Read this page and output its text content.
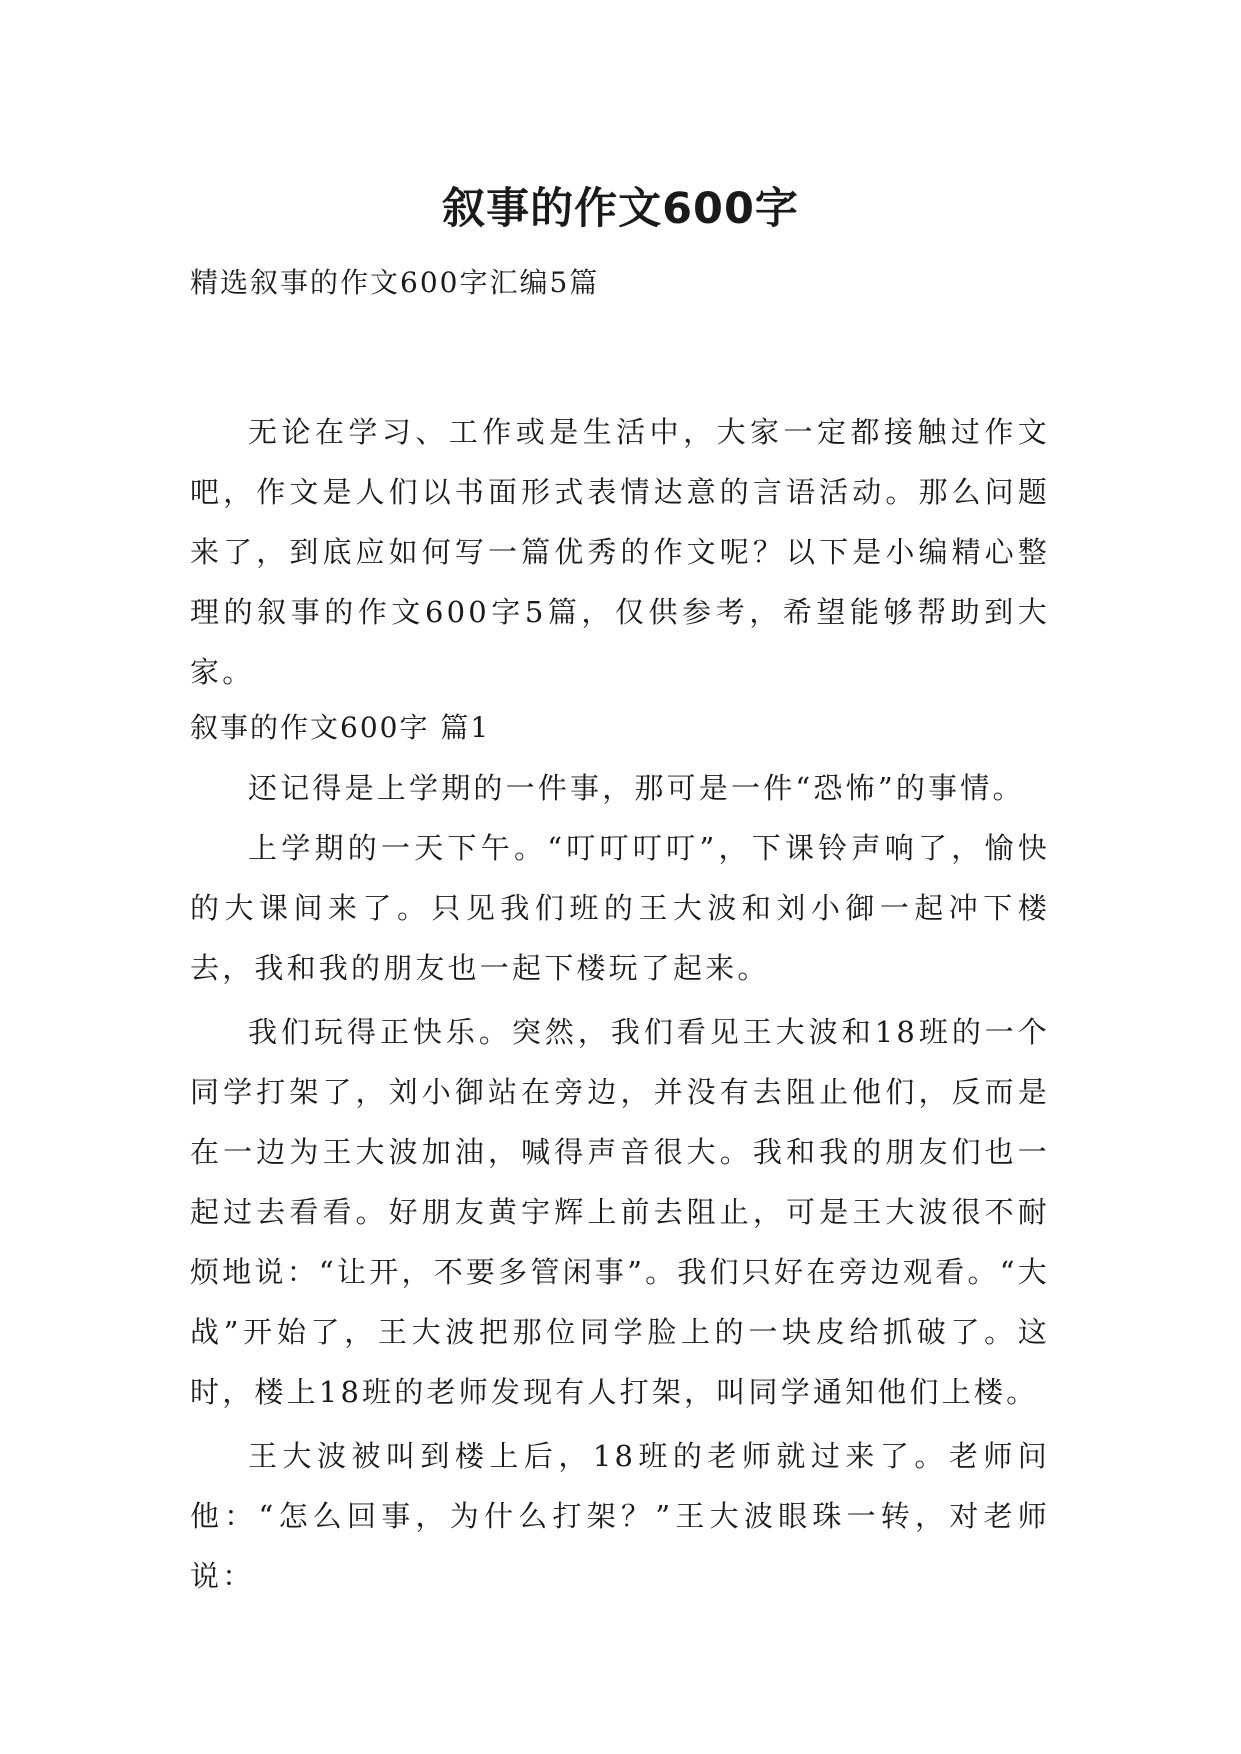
叙事的作文600字
精选叙事的作文600字汇编5篇

无论在学习、工作或是生活中，大家一定都接触过作文吧，作文是人们以书面形式表情达意的言语活动。那么问题来了，到底应如何写一篇优秀的作文呢？以下是小编精心整理的叙事的作文600字5篇，仅供参考，希望能够帮助到大家。

叙事的作文600字 篇1

还记得是上学期的一件事，那可是一件“恐怖”的事情。

上学期的一天下午。“叮叮叮叮”，下课铃声响了，愉快的大课间来了。只见我们班的王大波和刘小御一起冲下楼去，我和我的朋友也一起下楼玩了起来。

我们玩得正快乐。突然，我们看见王大波和18班的一个同学打架了，刘小御站在旁边，并没有去阻止他们，反而是在一边为王大波加油，喊得声音很大。我和我的朋友们也一起过去看看。好朋友黄宇辉上前去阻止，可是王大波很不耐烦地说：“让开，不要多管闲事”。我们只好在旁边观看。“大战”开始了，王大波把那位同学脸上的一块皮给抓破了。这时，楼上18班的老师发现有人打架，叫同学通知他们上楼。

王大波被叫到楼上后，18班的老师就过来了。老师问他：“怎么回事，为什么打架？”王大波眼珠一转，对老师说：
